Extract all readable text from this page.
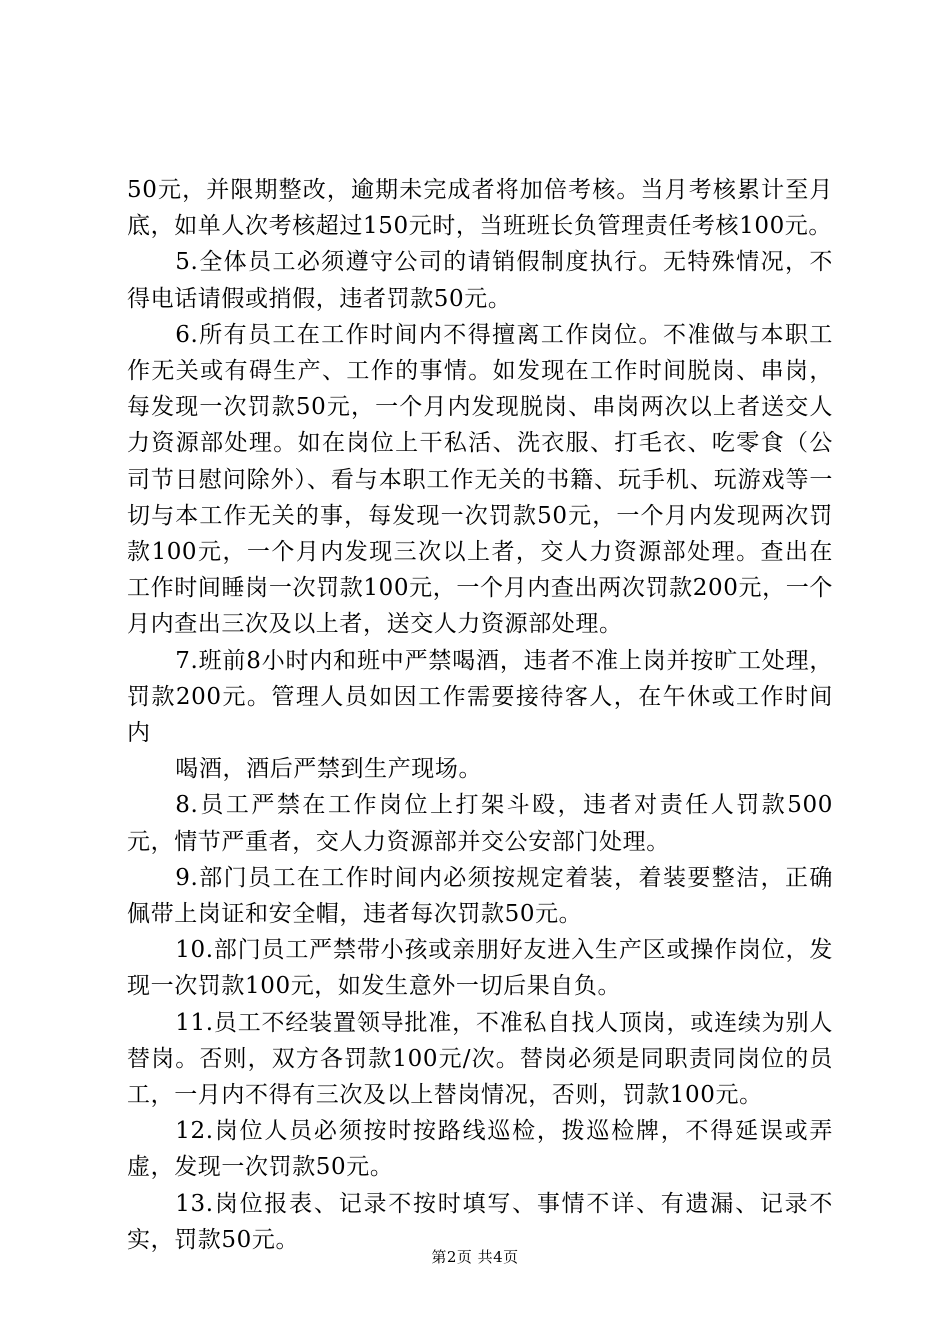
50元，并限期整改，逾期未完成者将加倍考核。当月考核累计至月底，如单人次考核超过150元时，当班班长负管理责任考核100元。

5.全体员工必须遵守公司的请销假制度执行。无特殊情况，不得电话请假或捎假，违者罚款50元。

6.所有员工在工作时间内不得擅离工作岗位。不准做与本职工作无关或有碍生产、工作的事情。如发现在工作时间脱岗、串岗，每发现一次罚款50元，一个月内发现脱岗、串岗两次以上者送交人力资源部处理。如在岗位上干私活、洗衣服、打毛衣、吃零食（公司节日慰问除外）、看与本职工作无关的书籍、玩手机、玩游戏等一切与本工作无关的事，每发现一次罚款50元，一个月内发现两次罚款100元，一个月内发现三次以上者，交人力资源部处理。查出在工作时间睡岗一次罚款100元，一个月内查出两次罚款200元，一个月内查出三次及以上者，送交人力资源部处理。

7.班前8小时内和班中严禁喝酒，违者不准上岗并按旷工处理，罚款200元。管理人员如因工作需要接待客人，在午休或工作时间内

喝酒，酒后严禁到生产现场。

8.员工严禁在工作岗位上打架斗殴，违者对责任人罚款500元，情节严重者，交人力资源部并交公安部门处理。

9.部门员工在工作时间内必须按规定着装，着装要整洁，正确佩带上岗证和安全帽，违者每次罚款50元。

10.部门员工严禁带小孩或亲朋好友进入生产区或操作岗位，发现一次罚款100元，如发生意外一切后果自负。

11.员工不经装置领导批准，不准私自找人顶岗，或连续为别人替岗。否则，双方各罚款100元/次。替岗必须是同职责同岗位的员工，一月内不得有三次及以上替岗情况，否则，罚款100元。

12.岗位人员必须按时按路线巡检，拨巡检牌，不得延误或弄虚，发现一次罚款50元。

13.岗位报表、记录不按时填写、事情不详、有遗漏、记录不实，罚款50元。

第2页 共4页
